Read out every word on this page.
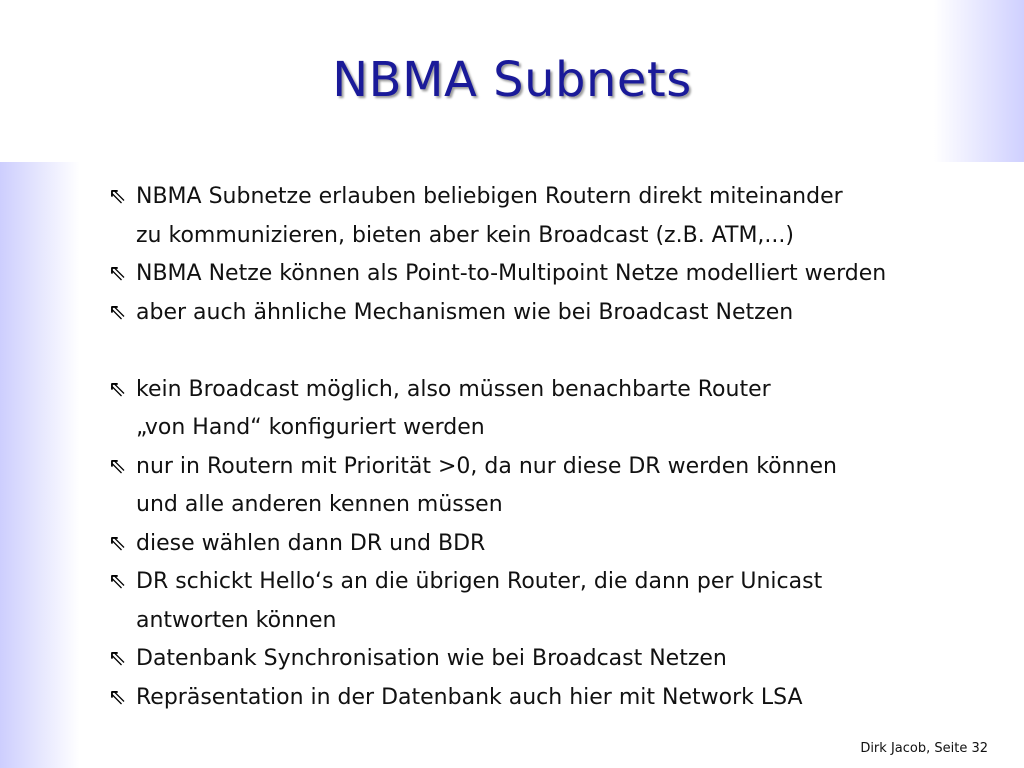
NBMA Subnets
⇖ NBMA Subnetze erlauben beliebigen Routern direkt miteinander
zu kommunizieren, bieten aber kein Broadcast (z.B. ATM,...)
⇖ NBMA Netze können als Point-to-Multipoint Netze modelliert werden
⇖ aber auch ähnliche Mechanismen wie bei Broadcast Netzen
⇖ kein Broadcast möglich, also müssen benachbarte Router
„von Hand“ konfiguriert werden
⇖ nur in Routern mit Priorität >0, da nur diese DR werden können
und alle anderen kennen müssen
⇖ diese wählen dann DR und BDR
⇖ DR schickt Hello‘s an die übrigen Router, die dann per Unicast
antworten können
⇖ Datenbank Synchronisation wie bei Broadcast Netzen
⇖ Repräsentation in der Datenbank auch hier mit Network LSA
Dirk Jacob, Seite 32
